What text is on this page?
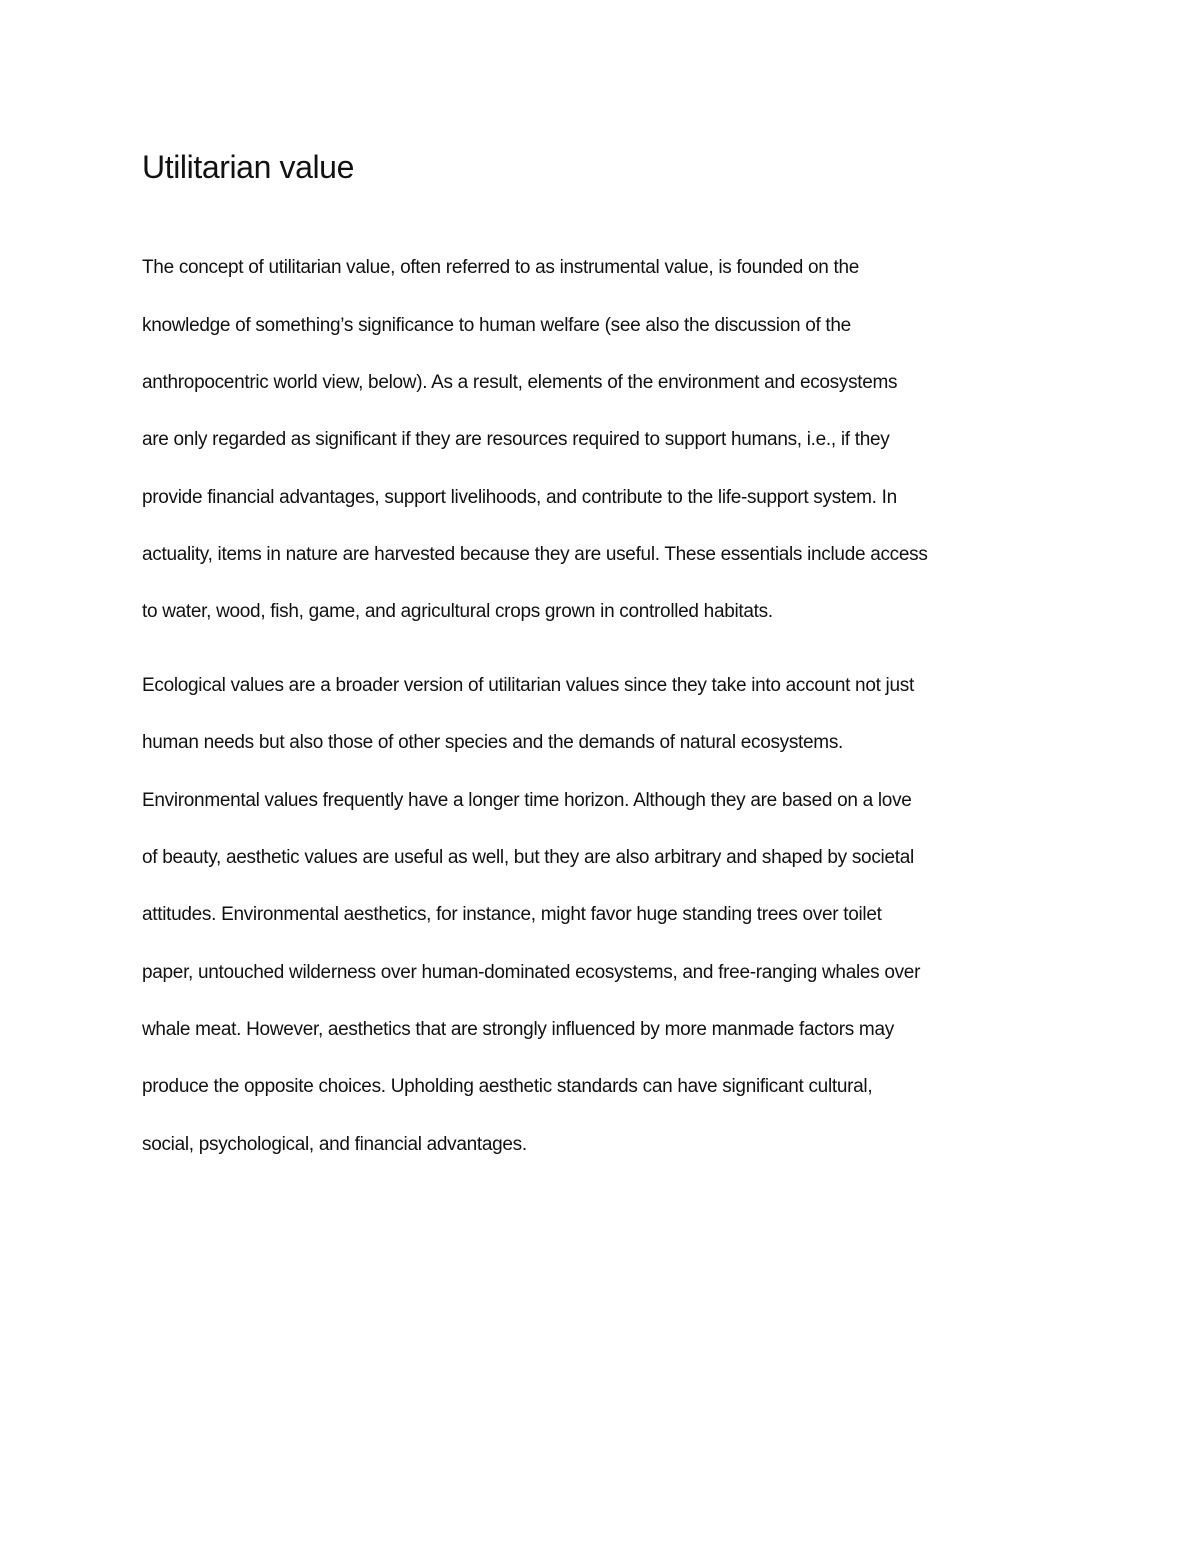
Utilitarian value

The concept of utilitarian value, often referred to as instrumental value, is founded on the

knowledge of something’s significance to human welfare (see also the discussion of the

anthropocentric world view, below). As a result, elements of the environment and ecosystems

are only regarded as significant if they are resources required to support humans, i.e., if they

provide financial advantages, support livelihoods, and contribute to the life-support system. In

actuality, items in nature are harvested because they are useful. These essentials include access

to water, wood, fish, game, and agricultural crops grown in controlled habitats.

Ecological values are a broader version of utilitarian values since they take into account not just

human needs but also those of other species and the demands of natural ecosystems.

Environmental values frequently have a longer time horizon. Although they are based on a love

of beauty, aesthetic values are useful as well, but they are also arbitrary and shaped by societal

attitudes. Environmental aesthetics, for instance, might favor huge standing trees over toilet

paper, untouched wilderness over human-dominated ecosystems, and free-ranging whales over

whale meat. However, aesthetics that are strongly influenced by more manmade factors may

produce the opposite choices. Upholding aesthetic standards can have significant cultural,

social, psychological, and financial advantages.
